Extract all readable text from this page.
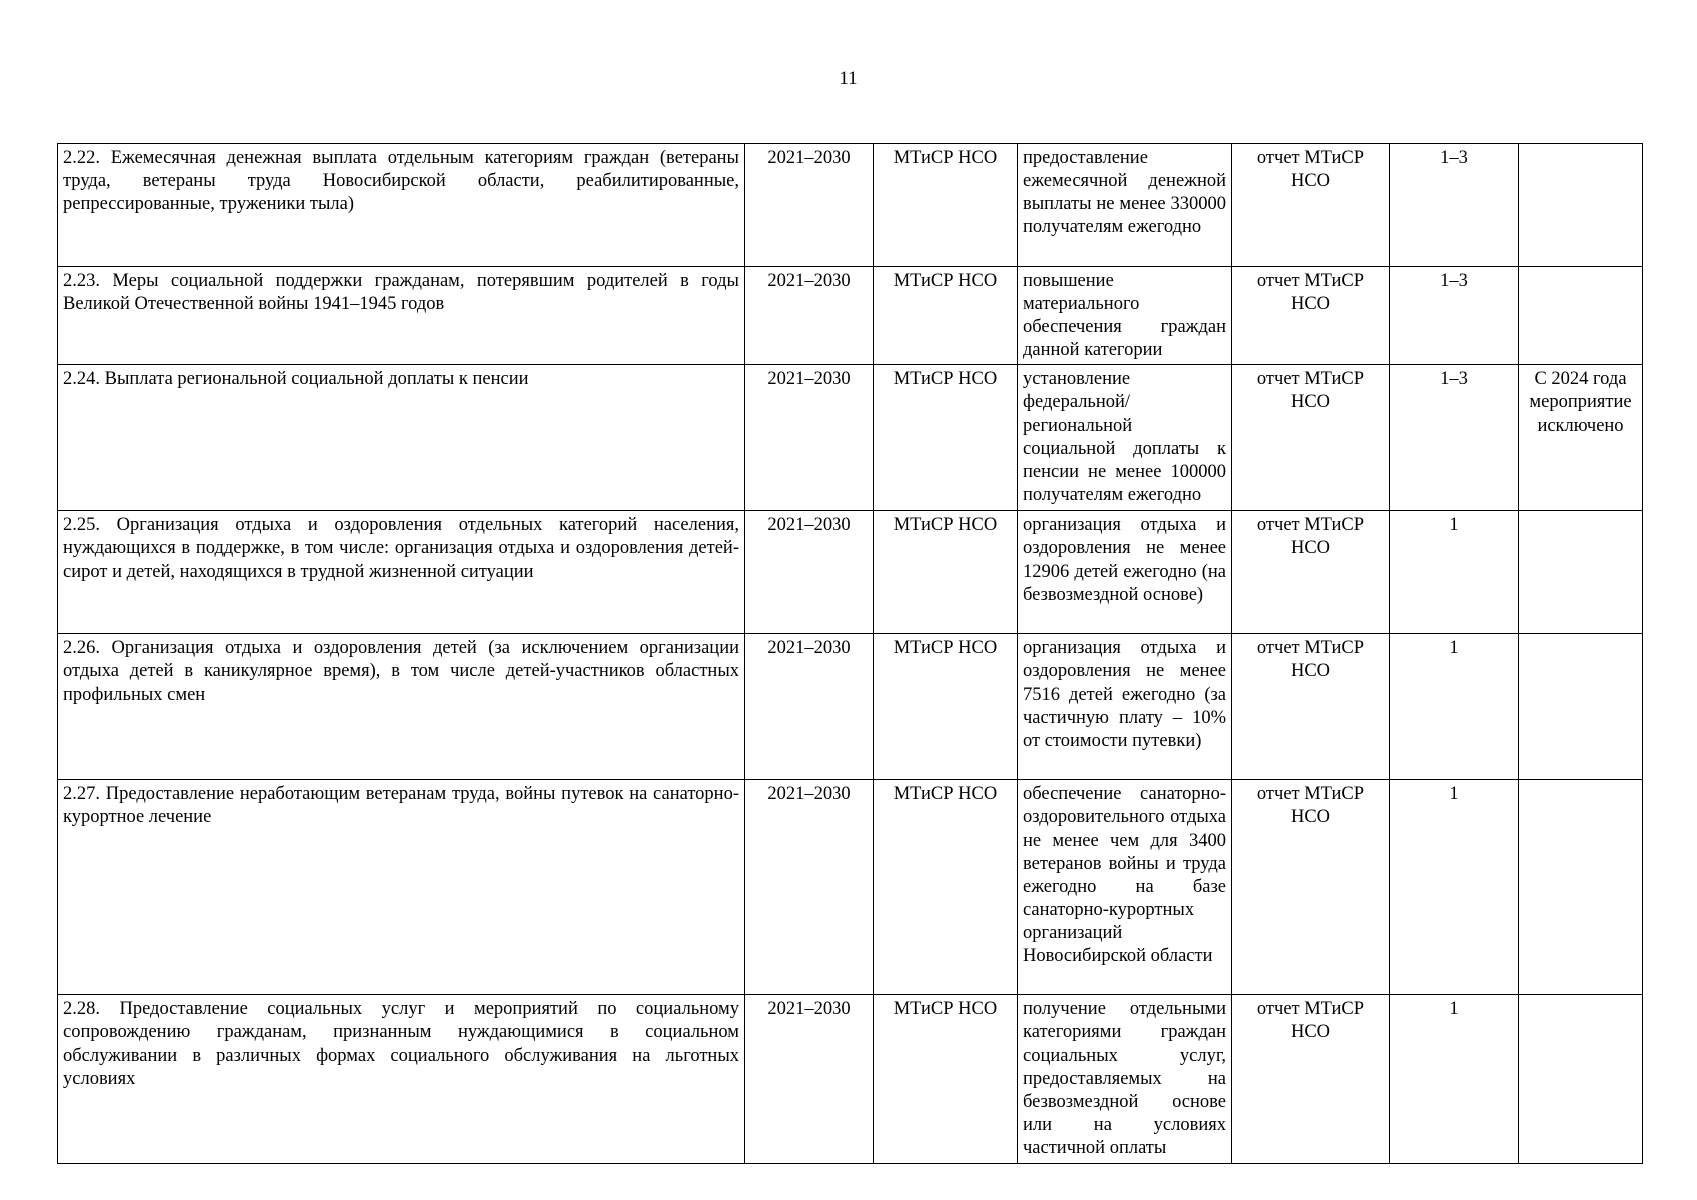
11
2.22. Ежемесячная денежная выплата отдельным категориям граждан (ветераны труда, ветераны труда Новосибирской области, реабилитированные, репрессированные, труженики тыла)	2021–2030	МТиСР НСО	предоставление ежемесячной денежной выплаты не менее 330000 получателям ежегодно	отчет МТиСР НСО	1–3	
2.23. Меры социальной поддержки гражданам, потерявшим родителей в годы Великой Отечественной войны 1941–1945 годов	2021–2030	МТиСР НСО	повышение материального обеспечения граждан данной категории	отчет МТиСР НСО	1–3	
2.24. Выплата региональной социальной доплаты к пенсии	2021–2030	МТиСР НСО	установление федеральной/региональной социальной доплаты к пенсии не менее 100000 получателям ежегодно	отчет МТиСР НСО	1–3	С 2024 года мероприятие исключено
2.25. Организация отдыха и оздоровления отдельных категорий населения, нуждающихся в поддержке, в том числе: организация отдыха и оздоровления детей-сирот и детей, находящихся в трудной жизненной ситуации	2021–2030	МТиСР НСО	организация отдыха и оздоровления не менее 12906 детей ежегодно (на безвозмездной основе)	отчет МТиСР НСО	1	
2.26. Организация отдыха и оздоровления детей (за исключением организации отдыха детей в каникулярное время), в том числе детей-участников областных профильных смен	2021–2030	МТиСР НСО	организация отдыха и оздоровления не менее 7516 детей ежегодно (за частичную плату – 10% от стоимости путевки)	отчет МТиСР НСО	1	
2.27. Предоставление неработающим ветеранам труда, войны путевок на санаторно-курортное лечение	2021–2030	МТиСР НСО	обеспечение санаторно-оздоровительного отдыха не менее чем для 3400 ветеранов войны и труда ежегодно на базе санаторно-курортных организаций Новосибирской области	отчет МТиСР НСО	1	
2.28. Предоставление социальных услуг и мероприятий по социальному сопровождению гражданам, признанным нуждающимися в социальном обслуживании в различных формах социального обслуживания на льготных условиях	2021–2030	МТиСР НСО	получение отдельными категориями граждан социальных услуг, предоставляемых на безвозмездной основе или на условиях частичной оплаты	отчет МТиСР НСО	1	
